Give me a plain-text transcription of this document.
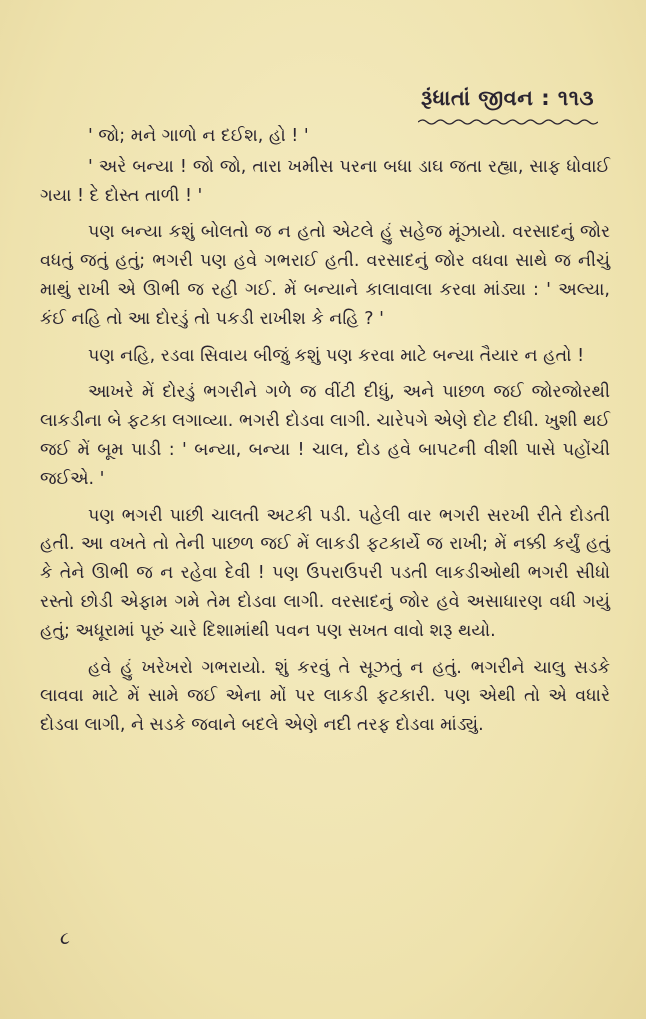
રૂંધાતાં જીવન : ૧૧૩

' જો; મને ગાળો ન દઈશ, હો ! '

' અરે બન્યા ! જો જો, તારા ખમીસ પરના બધા ડાઘ જતા રહ્યા, સાફ ધોવાઈ ગયા ! દે દોસ્ત તાળી ! '

પણ બન્યા કશું બોલતો જ ન હતો એટલે હું સહેજ મૂંઝાયો. વરસાદનું જોર વધતું જતું હતું; ભગરી પણ હવે ગભરાઈ હતી. વરસાદનું જોર વધવા સાથે જ નીચું માથું રાખી એ ઊભી જ રહી ગઈ. મેં બન્યાને કાલાવાલા કરવા માંડ્યા : ' અલ્યા, કંઈ નહિ તો આ દોરડું તો પકડી રાખીશ કે નહિ ? '

પણ નહિ, રડવા સિવાય બીજું કશું પણ કરવા માટે બન્યા તૈયાર ન હતો !

આખરે મેં દોરડું ભગરીને ગળે જ વીંટી દીધું, અને પાછળ જઈ જોરજોરથી લાકડીના બે ફટકા લગાવ્યા. ભગરી દોડવા લાગી. ચારેપગે એણે દોટ દીધી. ખુશી થઈ જઈ મેં બૂમ પાડી : ' બન્યા, બન્યા ! ચાલ, દોડ હવે બાપટની વીશી પાસે પહોંચી જઈએ. '

પણ ભગરી પાછી ચાલતી અટકી પડી. પહેલી વાર ભગરી સરખી રીતે દોડતી હતી. આ વખતે તો તેની પાછળ જઈ મેં લાકડી ફટકાર્યે જ રાખી; મેં નક્કી કર્યું હતું કે તેને ઊભી જ ન રહેવા દેવી ! પણ ઉપરાઉપરી પડતી લાકડીઓથી ભગરી સીધો રસ્તો છોડી એફામ ગમે તેમ દોડવા લાગી. વરસાદનું જોર હવે અસાધારણ વધી ગયું હતું; અધૂરામાં પૂરું ચારે દિશામાંથી પવન પણ સખત વાવો શરૂ થયો.

હવે હું ખરેખરો ગભરાયો. શું કરવું તે સૂઝતું ન હતું. ભગરીને ચાલુ સડકે લાવવા માટે મેં સામે જઈ એના મોં પર લાકડી ફટકારી. પણ એથી તો એ વધારે દોડવા લાગી, ને સડકે જવાને બદલે એણે નદી તરફ દોડવા માંડ્યું.

૮
